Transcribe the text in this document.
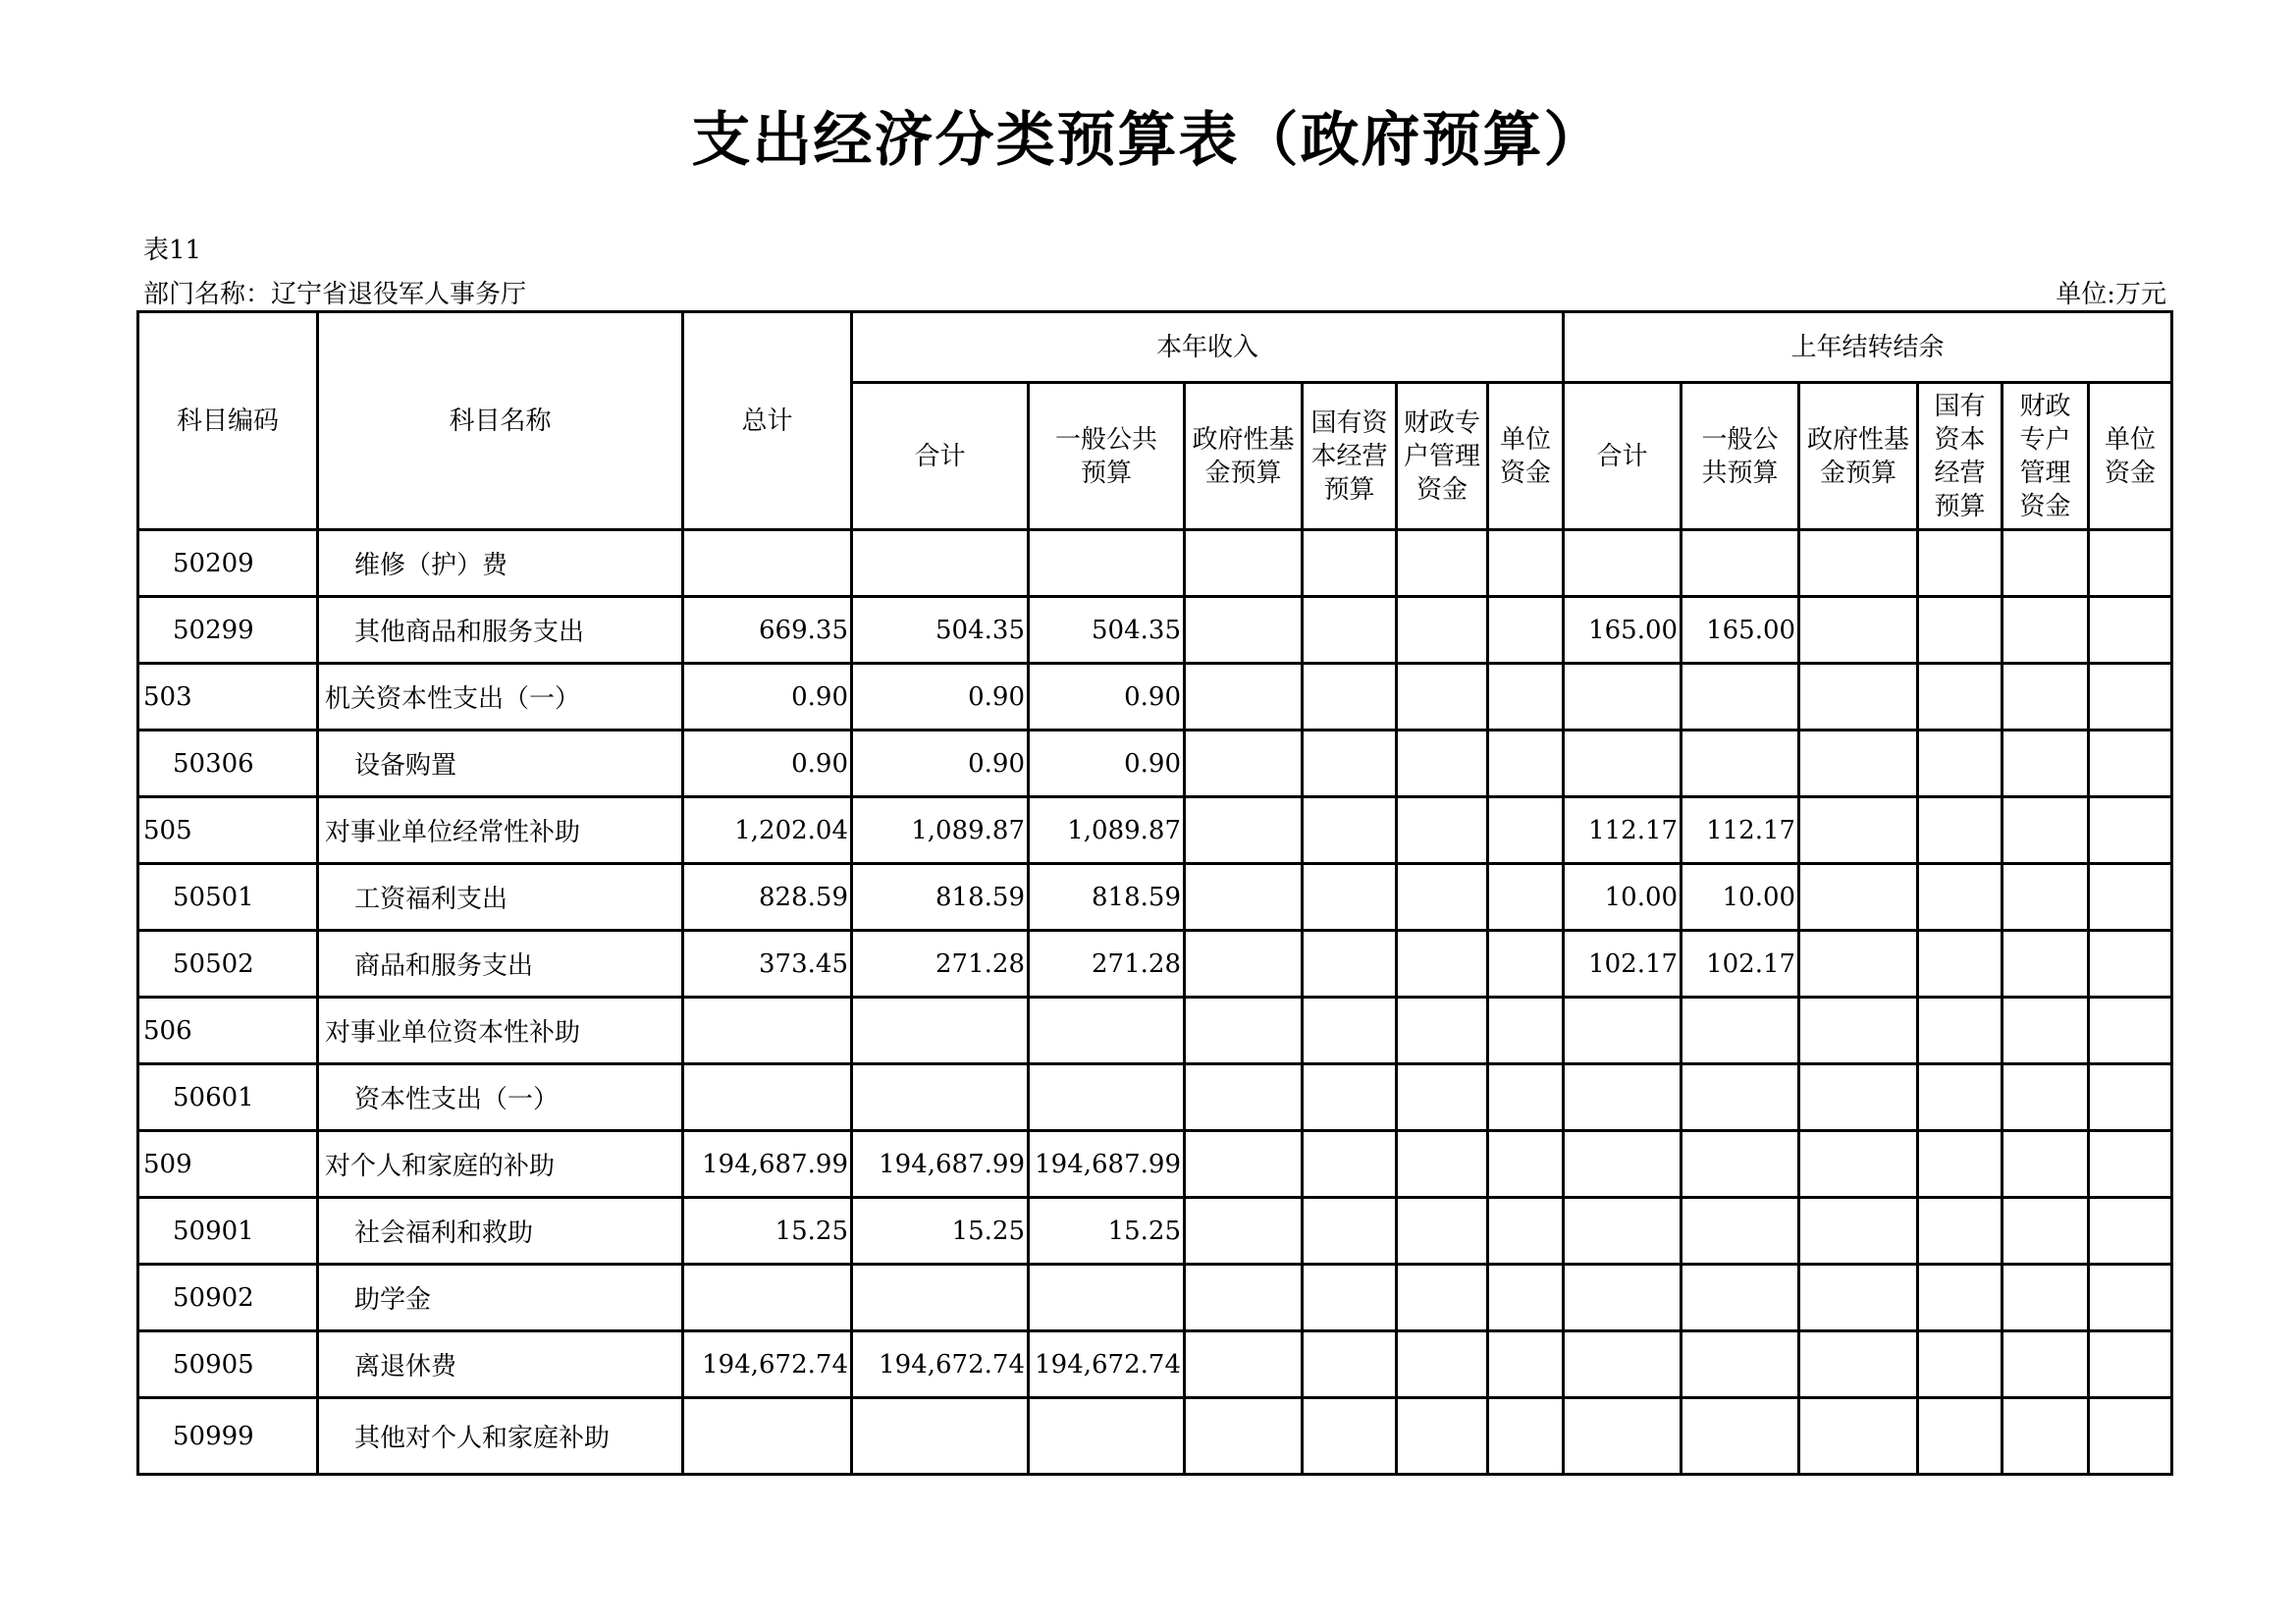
支出经济分类预算表（政府预算）
表11
部门名称：辽宁省退役军人事务厅	单位:万元
科目编码	科目名称	总计	本年收入						上年结转结余					
			合计	一般公共预算	政府性基金预算	国有资本经营预算	财政专户管理资金	单位资金	合计	一般公共预算	政府性基金预算	国有资本经营预算	财政专户管理资金	单位资金
50209	维修（护）费													
50299	其他商品和服务支出	669.35	504.35	504.35					165.00	165.00				
503	机关资本性支出（一）	0.90	0.90	0.90										
50306	设备购置	0.90	0.90	0.90										
505	对事业单位经常性补助	1,202.04	1,089.87	1,089.87					112.17	112.17				
50501	工资福利支出	828.59	818.59	818.59					10.00	10.00				
50502	商品和服务支出	373.45	271.28	271.28					102.17	102.17				
506	对事业单位资本性补助													
50601	资本性支出（一）													
509	对个人和家庭的补助	194,687.99	194,687.99	194,687.99										
50901	社会福利和救助	15.25	15.25	15.25										
50902	助学金													
50905	离退休费	194,672.74	194,672.74	194,672.74										
50999	其他对个人和家庭补助													
